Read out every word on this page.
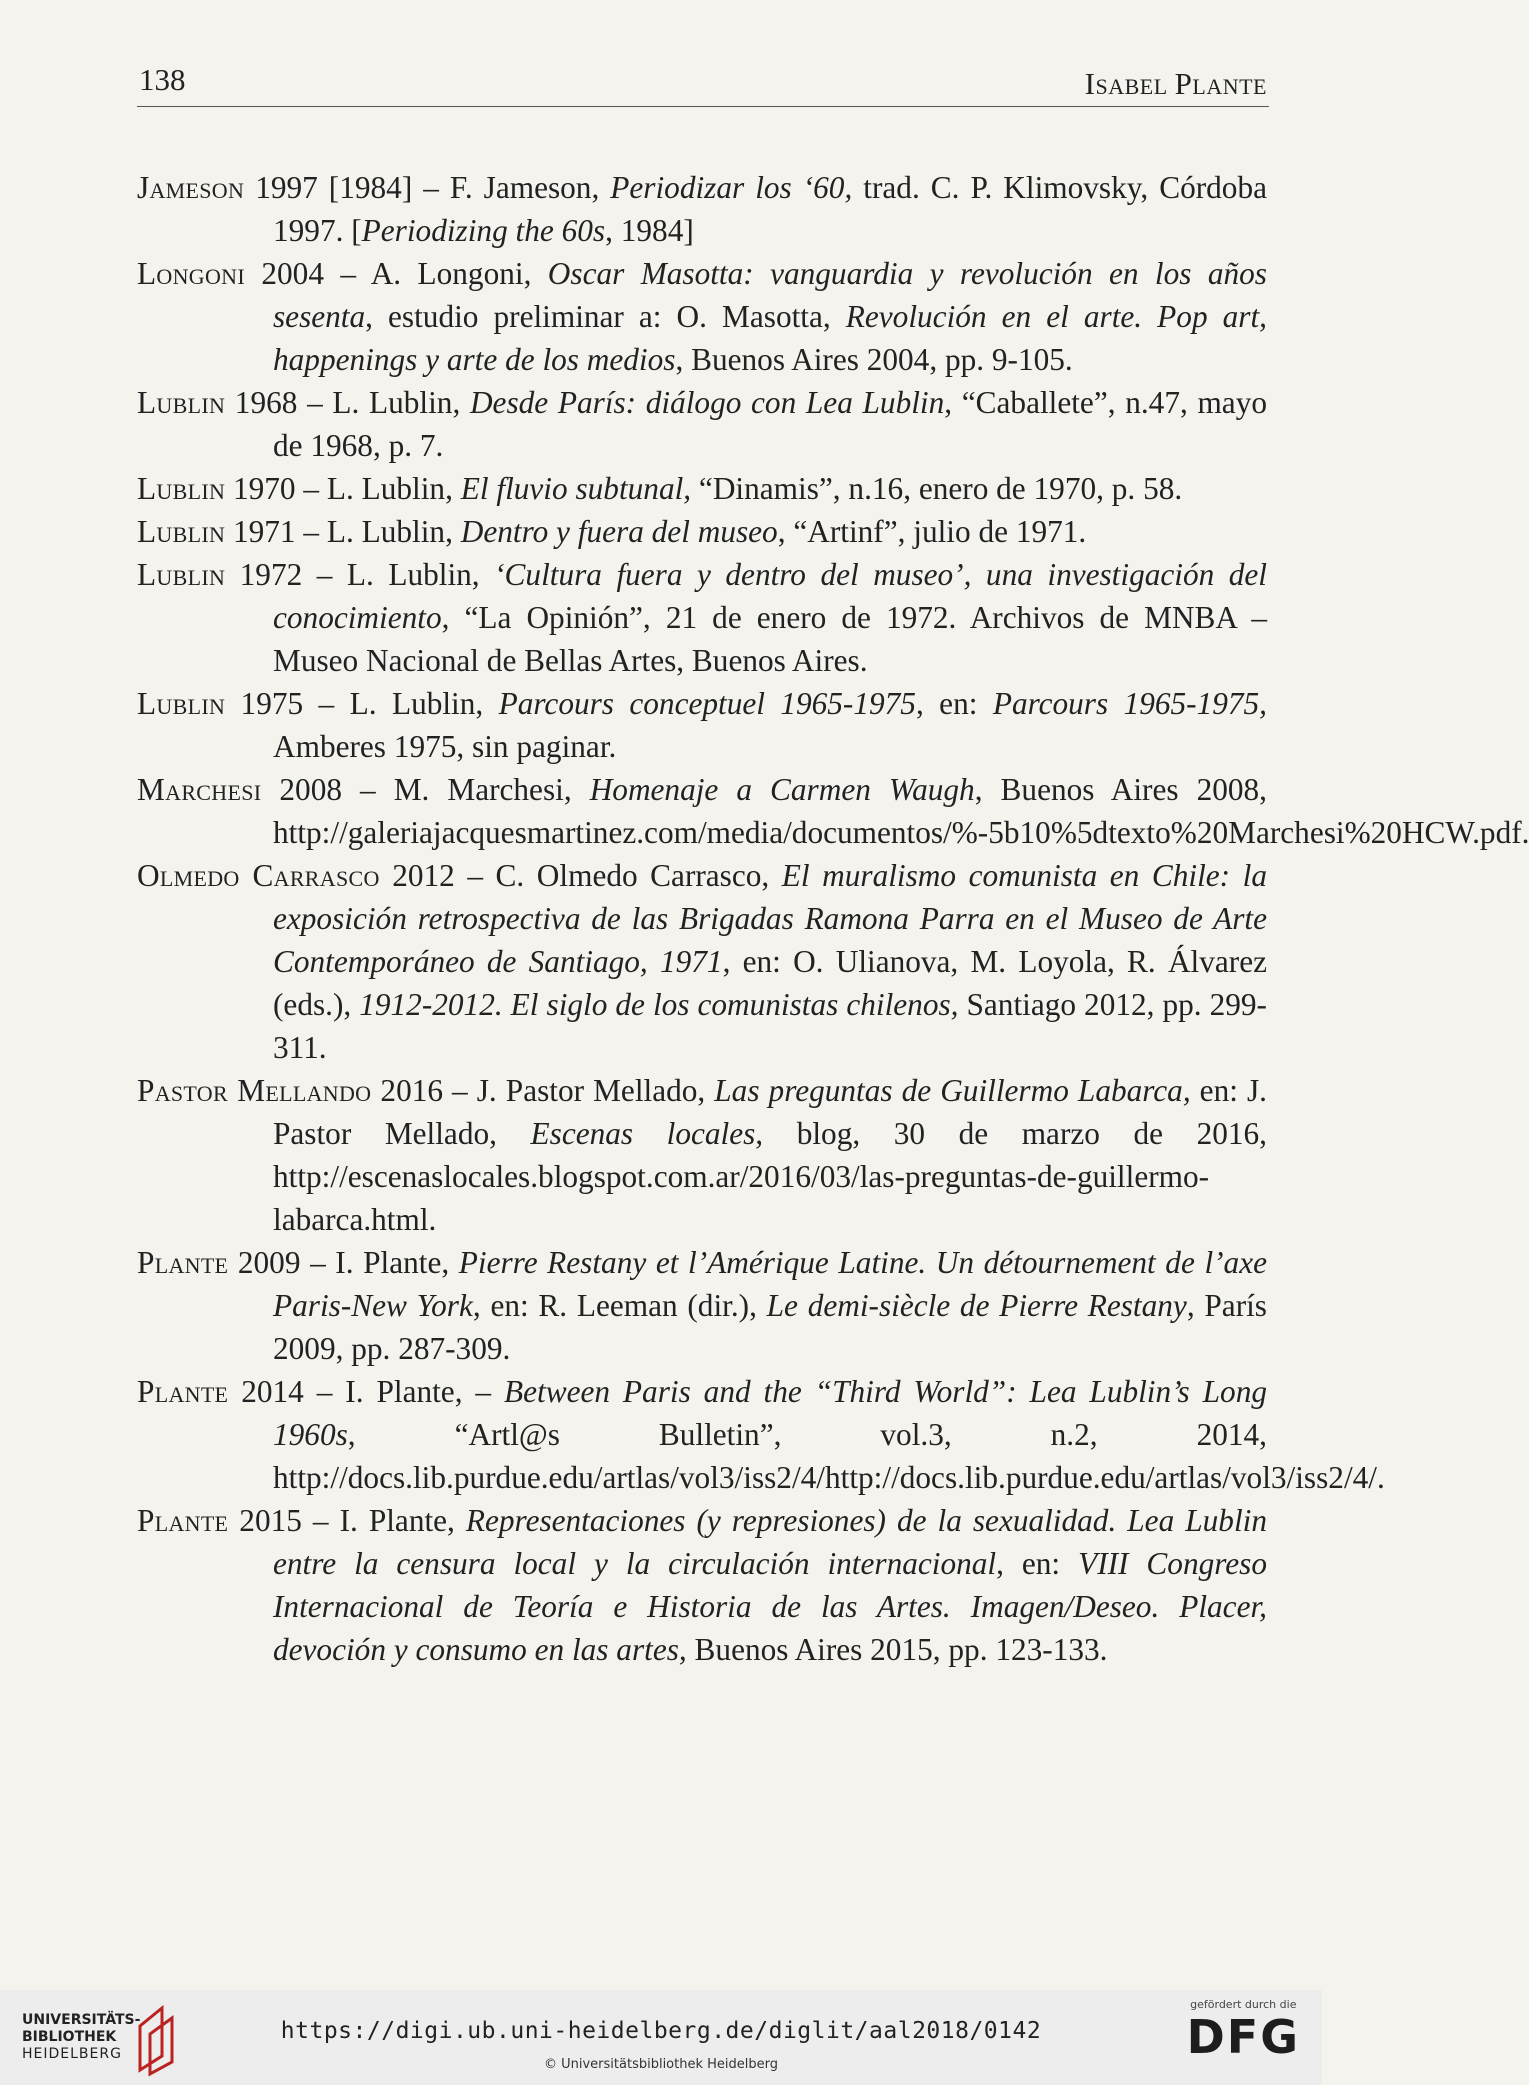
138	Isabel Plante
Jameson 1997 [1984] – F. Jameson, Periodizar los ‘60, trad. C. P. Klimovsky, Córdoba 1997. [Periodizing the 60s, 1984]
Longoni 2004 – A. Longoni, Oscar Masotta: vanguardia y revolución en los años sesenta, estudio preliminar a: O. Masotta, Revolución en el arte. Pop art, happenings y arte de los medios, Buenos Aires 2004, pp. 9-105.
Lublin 1968 – L. Lublin, Desde París: diálogo con Lea Lublin, “Caballete”, n.47, mayo de 1968, p. 7.
Lublin 1970 – L. Lublin, El fluvio subtunal, “Dinamis”, n.16, enero de 1970, p. 58.
Lublin 1971 – L. Lublin, Dentro y fuera del museo, “Artinf”, julio de 1971.
Lublin 1972 – L. Lublin, ‘Cultura fuera y dentro del museo’, una investigación del conocimiento, “La Opinión”, 21 de enero de 1972. Archivos de MNBA – Museo Nacional de Bellas Artes, Buenos Aires.
Lublin 1975 – L. Lublin, Parcours conceptuel 1965-1975, en: Parcours 1965-1975, Amberes 1975, sin paginar.
Marchesi 2008 – M. Marchesi, Homenaje a Carmen Waugh, Buenos Aires 2008, http://galeriajacquesmartinez.com/media/documentos/%-5b10%5dtexto%20Marchesi%20HCW.pdf.
Olmedo Carrasco 2012 – C. Olmedo Carrasco, El muralismo comunista en Chile: la exposición retrospectiva de las Brigadas Ramona Parra en el Museo de Arte Contemporáneo de Santiago, 1971, en: O. Ulianova, M. Loyola, R. Álvarez (eds.), 1912-2012. El siglo de los comunistas chilenos, Santiago 2012, pp. 299-311.
Pastor Mellando 2016 – J. Pastor Mellado, Las preguntas de Guillermo Labarca, en: J. Pastor Mellado, Escenas locales, blog, 30 de marzo de 2016, http://escenaslocales.blogspot.com.ar/2016/03/las-preguntas-de-guillermo-labarca.html.
Plante 2009 – I. Plante, Pierre Restany et l’Amérique Latine. Un détournement de l’axe Paris-New York, en: R. Leeman (dir.), Le demi-siècle de Pierre Restany, París 2009, pp. 287-309.
Plante 2014 – I. Plante, – Between Paris and the “Third World”: Lea Lublin’s Long 1960s, “Artl@s Bulletin”, vol.3, n.2, 2014, http://docs.lib.purdue.edu/artlas/vol3/iss2/4/http://docs.lib.purdue.edu/artlas/vol3/iss2/4/.
Plante 2015 – I. Plante, Representaciones (y represiones) de la sexualidad. Lea Lublin entre la censura local y la circulación internacional, en: VIII Congreso Internacional de Teoría e Historia de las Artes. Imagen/Deseo. Placer, devoción y consumo en las artes, Buenos Aires 2015, pp. 123-133.
UNIVERSITÄTS-
BIBLIOTHEK
HEIDELBERG
https://digi.ub.uni-heidelberg.de/diglit/aal2018/0142
© Universitätsbibliothek Heidelberg
gefördert durch die
DFG
